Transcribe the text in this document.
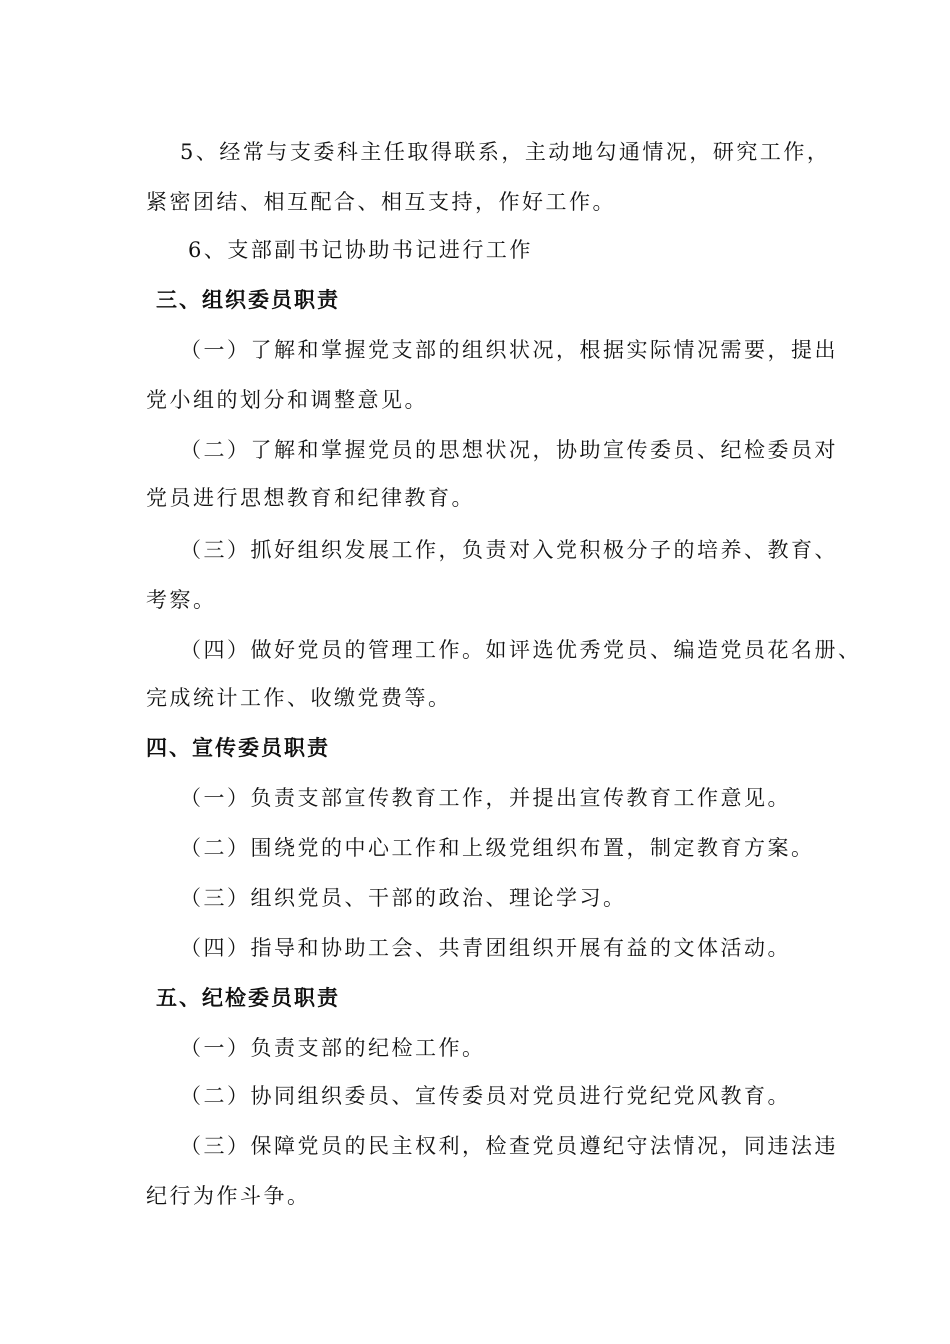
5、经常与支委科主任取得联系，主动地勾通情况，研究工作，
紧密团结、相互配合、相互支持，作好工作。
6、支部副书记协助书记进行工作
三、组织委员职责
（一）了解和掌握党支部的组织状况，根据实际情况需要，提出
党小组的划分和调整意见。
（二）了解和掌握党员的思想状况，协助宣传委员、纪检委员对
党员进行思想教育和纪律教育。
（三）抓好组织发展工作，负责对入党积极分子的培养、教育、
考察。
（四）做好党员的管理工作。如评选优秀党员、编造党员花名册、
完成统计工作、收缴党费等。
四、宣传委员职责
（一）负责支部宣传教育工作，并提出宣传教育工作意见。
（二）围绕党的中心工作和上级党组织布置，制定教育方案。
（三）组织党员、干部的政治、理论学习。
（四）指导和协助工会、共青团组织开展有益的文体活动。
五、纪检委员职责
（一）负责支部的纪检工作。
（二）协同组织委员、宣传委员对党员进行党纪党风教育。
（三）保障党员的民主权利，检查党员遵纪守法情况，同违法违
纪行为作斗争。
